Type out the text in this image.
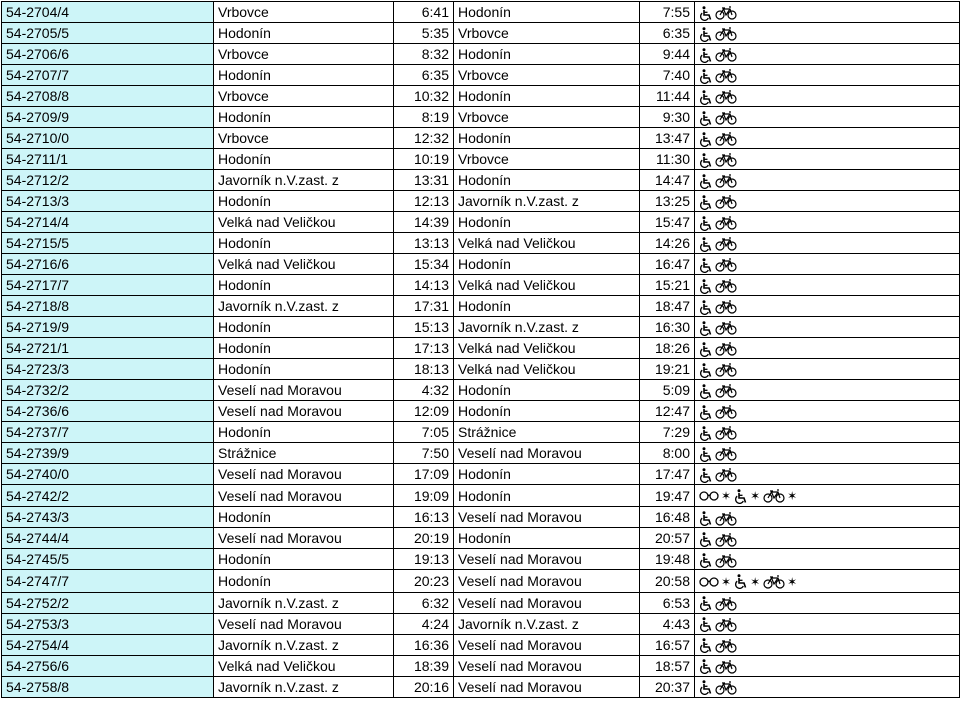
54-2704/4	Vrbovce	6:41	Hodonín	7:55	

54-2705/5	Hodonín	5:35	Vrbovce	6:35	

54-2706/6	Vrbovce	8:32	Hodonín	9:44	

54-2707/7	Hodonín	6:35	Vrbovce	7:40	

54-2708/8	Vrbovce	10:32	Hodonín	11:44	

54-2709/9	Hodonín	8:19	Vrbovce	9:30	

54-2710/0	Vrbovce	12:32	Hodonín	13:47	

54-2711/1	Hodonín	10:19	Vrbovce	11:30	

54-2712/2	Javorník n.V.zast. z	13:31	Hodonín	14:47	

54-2713/3	Hodonín	12:13	Javorník n.V.zast. z	13:25	

54-2714/4	Velká nad Veličkou	14:39	Hodonín	15:47	

54-2715/5	Hodonín	13:13	Velká nad Veličkou	14:26	

54-2716/6	Velká nad Veličkou	15:34	Hodonín	16:47	

54-2717/7	Hodonín	14:13	Velká nad Veličkou	15:21	

54-2718/8	Javorník n.V.zast. z	17:31	Hodonín	18:47	

54-2719/9	Hodonín	15:13	Javorník n.V.zast. z	16:30	

54-2721/1	Hodonín	17:13	Velká nad Veličkou	18:26	

54-2723/3	Hodonín	18:13	Velká nad Veličkou	19:21	

54-2732/2	Veselí nad Moravou	4:32	Hodonín	5:09	

54-2736/6	Veselí nad Moravou	12:09	Hodonín	12:47	

54-2737/7	Hodonín	7:05	Strážnice	7:29	

54-2739/9	Strážnice	7:50	Veselí nad Moravou	8:00	

54-2740/0	Veselí nad Moravou	17:09	Hodonín	17:47	

54-2742/2	Veselí nad Moravou	19:09	Hodonín	19:47	✶ ✶ ✶
54-2743/3	Hodonín	16:13	Veselí nad Moravou	16:48	

54-2744/4	Veselí nad Moravou	20:19	Hodonín	20:57	

54-2745/5	Hodonín	19:13	Veselí nad Moravou	19:48	

54-2747/7	Hodonín	20:23	Veselí nad Moravou	20:58	✶ ✶ ✶
54-2752/2	Javorník n.V.zast. z	6:32	Veselí nad Moravou	6:53	

54-2753/3	Veselí nad Moravou	4:24	Javorník n.V.zast. z	4:43	

54-2754/4	Javorník n.V.zast. z	16:36	Veselí nad Moravou	16:57	

54-2756/6	Velká nad Veličkou	18:39	Veselí nad Moravou	18:57	

54-2758/8	Javorník n.V.zast. z	20:16	Veselí nad Moravou	20:37	
